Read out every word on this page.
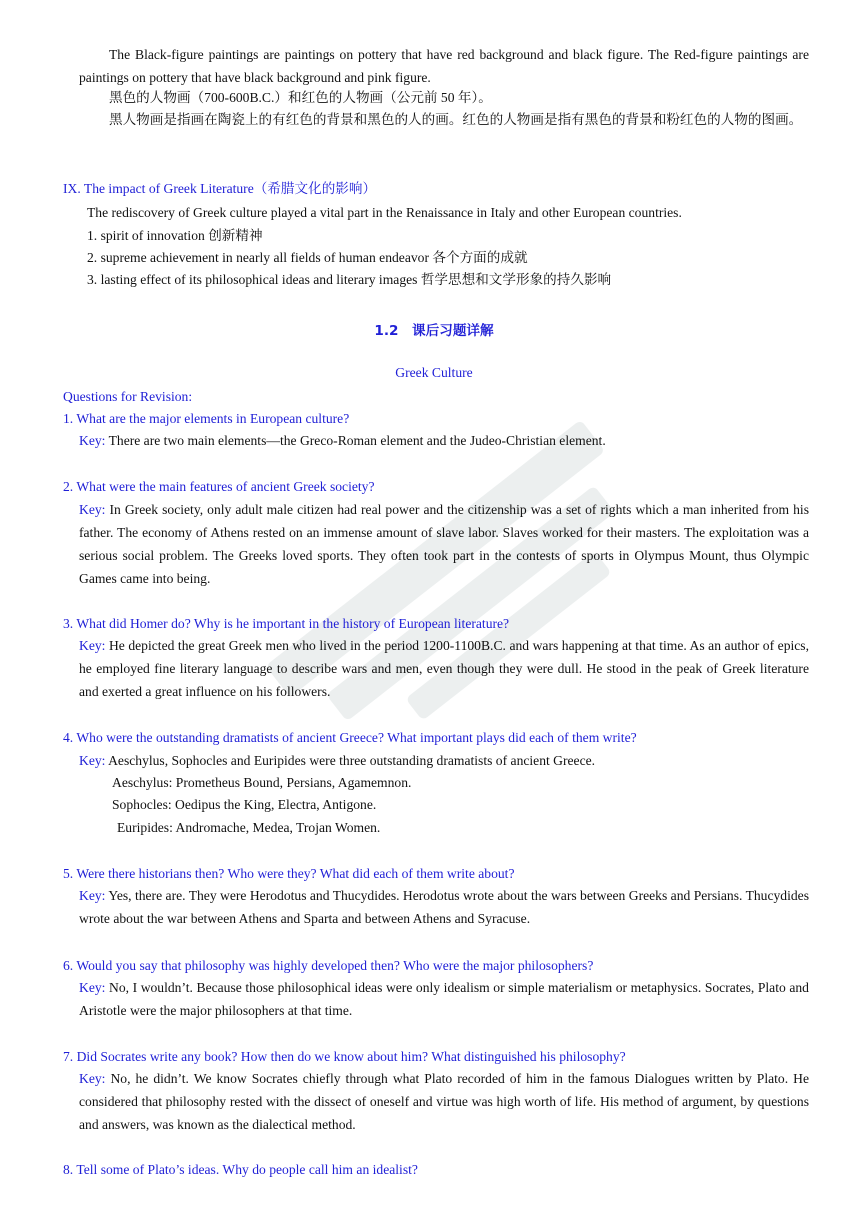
The Black-figure paintings are paintings on pottery that have red background and black figure. The Red-figure paintings are paintings on pottery that have black background and pink figure.

黑色的人物画（700-600B.C.）和红色的人物画（公元前 50 年）。

黑人物画是指画在陶瓷上的有红色的背景和黑色的人的画。红色的人物画是指有黑色的背景和粉红色的人物的图画。

IX. The impact of Greek Literature（希腊文化的影响）

The rediscovery of Greek culture played a vital part in the Renaissance in Italy and other European countries.

1. spirit of innovation 创新精神

2. supreme achievement in nearly all fields of human endeavor 各个方面的成就

3. lasting effect of its philosophical ideas and literary images 哲学思想和文学形象的持久影响

1.2　课后习题详解
Greek Culture

Questions for Revision:

1. What are the major elements in European culture?

Key: There are two main elements—the Greco-Roman element and the Judeo-Christian element.

2. What were the main features of ancient Greek society?

Key: In Greek society, only adult male citizen had real power and the citizenship was a set of rights which a man inherited from his father. The economy of Athens rested on an immense amount of slave labor. Slaves worked for their masters. The exploitation was a serious social problem. The Greeks loved sports. They often took part in the contests of sports in Olympus Mount, thus Olympic Games came into being.

3. What did Homer do? Why is he important in the history of European literature?

Key: He depicted the great Greek men who lived in the period 1200-1100B.C. and wars happening at that time. As an author of epics, he employed fine literary language to describe wars and men, even though they were dull. He stood in the peak of Greek literature and exerted a great influence on his followers.

4. Who were the outstanding dramatists of ancient Greece? What important plays did each of them write?

Key: Aeschylus, Sophocles and Euripides were three outstanding dramatists of ancient Greece.

Aeschylus: Prometheus Bound, Persians, Agamemnon.

Sophocles: Oedipus the King, Electra, Antigone.

Euripides: Andromache, Medea, Trojan Women.

5. Were there historians then? Who were they? What did each of them write about?

Key: Yes, there are. They were Herodotus and Thucydides. Herodotus wrote about the wars between Greeks and Persians. Thucydides wrote about the war between Athens and Sparta and between Athens and Syracuse.

6. Would you say that philosophy was highly developed then? Who were the major philosophers?

Key: No, I wouldn’t. Because those philosophical ideas were only idealism or simple materialism or metaphysics. Socrates, Plato and Aristotle were the major philosophers at that time.

7. Did Socrates write any book? How then do we know about him? What distinguished his philosophy?

Key: No, he didn’t. We know Socrates chiefly through what Plato recorded of him in the famous Dialogues written by Plato. He considered that philosophy rested with the dissect of oneself and virtue was high worth of life. His method of argument, by questions and answers, was known as the dialectical method.

8. Tell some of Plato’s ideas. Why do people call him an idealist?
